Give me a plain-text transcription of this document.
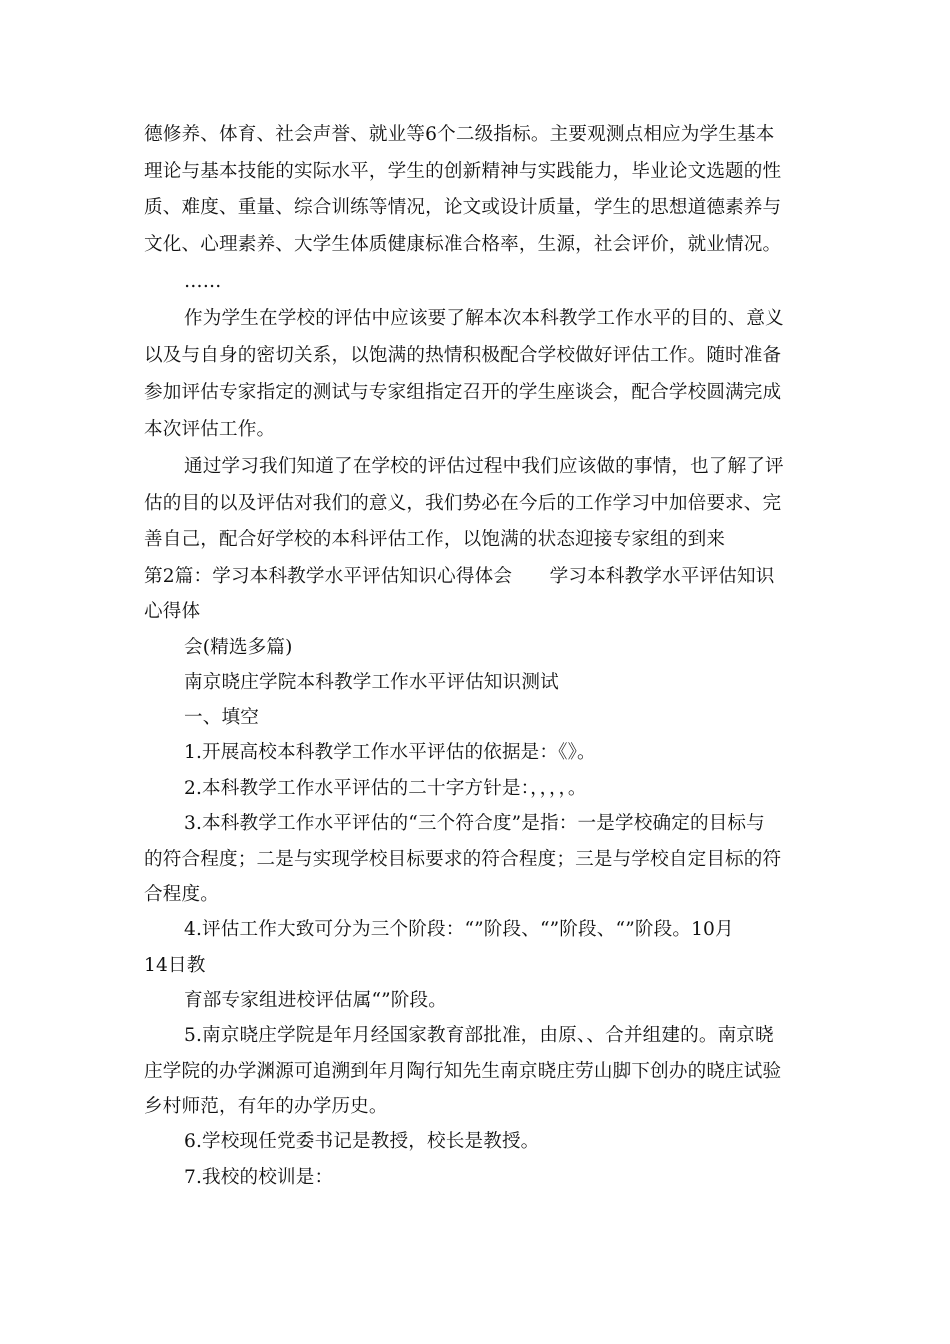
德修养、体育、社会声誉、就业等6个二级指标。主要观测点相应为学生基本
理论与基本技能的实际水平，学生的创新精神与实践能力，毕业论文选题的性
质、难度、重量、综合训练等情况，论文或设计质量，学生的思想道德素养与
文化、心理素养、大学生体质健康标准合格率，生源，社会评价，就业情况。
……
作为学生在学校的评估中应该要了解本次本科教学工作水平的目的、意义
以及与自身的密切关系，以饱满的热情积极配合学校做好评估工作。随时准备
参加评估专家指定的测试与专家组指定召开的学生座谈会，配合学校圆满完成
本次评估工作。
通过学习我们知道了在学校的评估过程中我们应该做的事情，也了解了评
估的目的以及评估对我们的意义，我们势必在今后的工作学习中加倍要求、完
善自己，配合好学校的本科评估工作，以饱满的状态迎接专家组的到来
第2篇：学习本科教学水平评估知识心得体会　　学习本科教学水平评估知识
心得体
会(精选多篇)
南京晓庄学院本科教学工作水平评估知识测试
一、填空
1.开展高校本科教学工作水平评估的依据是：《》。
2.本科教学工作水平评估的二十字方针是：，，，，。
3.本科教学工作水平评估的“三个符合度”是指：一是学校确定的目标与
的符合程度；二是与实现学校目标要求的符合程度；三是与学校自定目标的符
合程度。
4.评估工作大致可分为三个阶段：“”阶段、“”阶段、“”阶段。10月
14日教
育部专家组进校评估属“”阶段。
5.南京晓庄学院是年月经国家教育部批准，由原、、合并组建的。南京晓
庄学院的办学渊源可追溯到年月陶行知先生南京晓庄劳山脚下创办的晓庄试验
乡村师范，有年的办学历史。
6.学校现任党委书记是教授，校长是教授。
7.我校的校训是：
